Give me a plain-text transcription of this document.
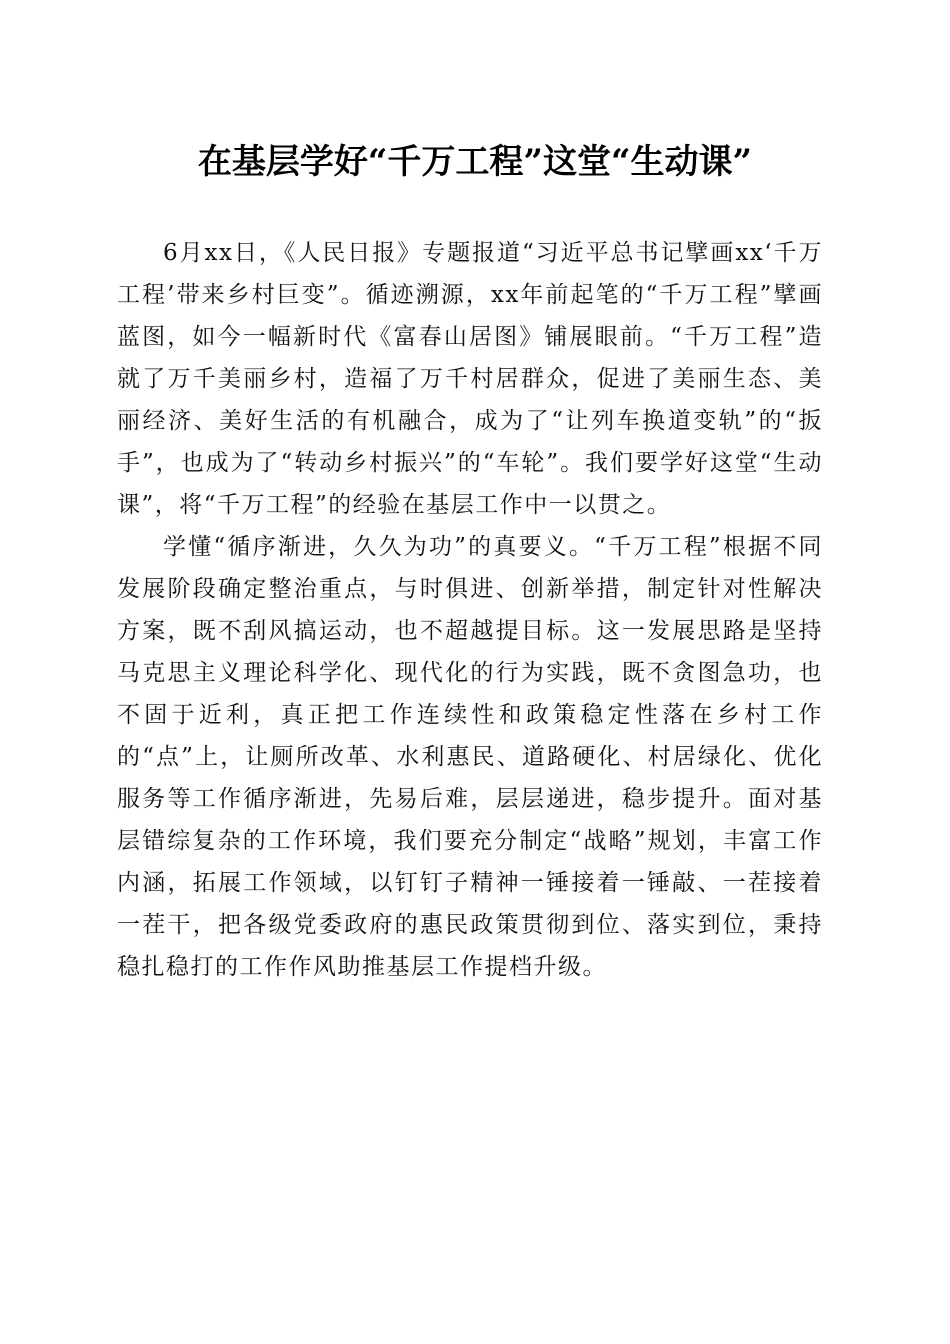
在基层学好“千万工程”这堂“生动课”

6月xx日，《人民日报》专题报道“习近平总书记擘画xx‘千万工程’带来乡村巨变”。循迹溯源，xx年前起笔的“千万工程”擘画蓝图，如今一幅新时代《富春山居图》铺展眼前。“千万工程”造就了万千美丽乡村，造福了万千村居群众，促进了美丽生态、美丽经济、美好生活的有机融合，成为了“让列车换道变轨”的“扳手”，也成为了“转动乡村振兴”的“车轮”。我们要学好这堂“生动课”，将“千万工程”的经验在基层工作中一以贯之。

学懂“循序渐进，久久为功”的真要义。“千万工程”根据不同发展阶段确定整治重点，与时俱进、创新举措，制定针对性解决方案，既不刮风搞运动，也不超越提目标。这一发展思路是坚持马克思主义理论科学化、现代化的行为实践，既不贪图急功，也不固于近利，真正把工作连续性和政策稳定性落在乡村工作的“点”上，让厕所改革、水利惠民、道路硬化、村居绿化、优化服务等工作循序渐进，先易后难，层层递进，稳步提升。面对基层错综复杂的工作环境，我们要充分制定“战略”规划，丰富工作内涵，拓展工作领域，以钉钉子精神一锤接着一锤敲、一茬接着一茬干，把各级党委政府的惠民政策贯彻到位、落实到位，秉持稳扎稳打的工作作风助推基层工作提档升级。
